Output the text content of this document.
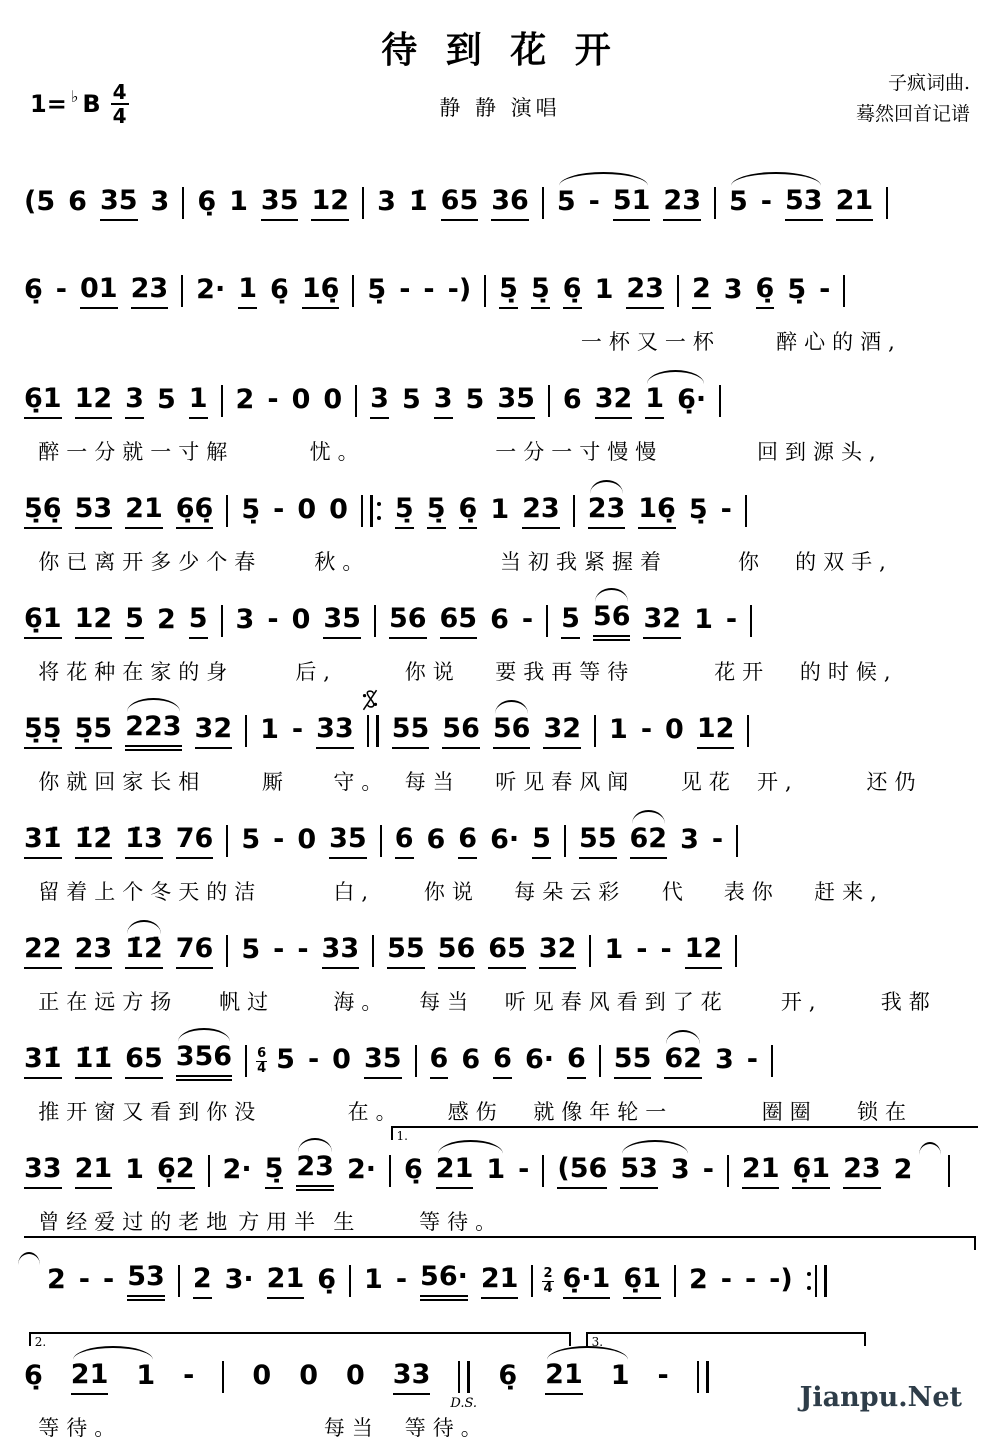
待 到 花 开
静 静 演唱
1= ♭ B $\frac{4}{4}$	子疯词曲.
蓦然回首记谱
(5 6 35 3 6̣ 1 35 12 3 1̇ 65 36 5 - 51 23 5 - 53 21
6̣ - 01 23 2· 1 6̣ 16̣ 5̣ - - -) 5̣ 5̣ 6̣ 1 23 2 3 6̣ 5̣ -
一杯又一杯	醉心的酒,
6̣1 12 3 5 1 2 - 0 0 3 5 3 5 35 6 32 1 6̣·
醉一分就一寸解	忧。	一分一寸慢慢	回到源头,
5̣6̣ 53 21 6̣6̣ 5̣ - 0 0 5̣ 5̣ 6̣ 1 23 23 16̣ 5̣ -
你已离开多少个春 秋。	当初我紧握着	你 的双手,
6̣1 12 5 2 5 3 - 0 35 56 65 6 - 5 56 32 1 -
将花种在家的身	后,	你说 要我再等待	花开 的时候,
5̣5̣ 5̣5 223 32 1 - 33 55 56 56 32 1 - 0 12
你就回家长相	厮 守。 每当 听见春风闻 见花 开,	还仍
31̇ 1̇2̇ 1̇3 76 5 - 0 35 6 6 6 6· 5 55 62 3 -
留着上个冬天的洁	白, 你说 每朵云彩 代 表你 赶来,
22 23 1̇2̇ 76 5 - - 33 55 56 65 32 1 - - 12
正在远方扬 帆过	海。 每当 听见春风看到了花 开,	我都
31̇ 1̇1̇ 65 356 6
4 5 - 0 35 6 6 6 6· 6 55 62 3 -
推开窗又看到你没	在。 感伤 就像年轮一	圈圈 锁在
1.
33 21 1 6̣2 2· 5̣ 23 2· 6̣ 21 1 - (56 53 3 - 21 6̣1 23 2
曾经爱过的老地 方用半 生	等待。
2 - - 53 2 3· 21 6̣ 1 - 56· 21 2
4 6̣·1 6̣1 2 - - -)
2.	3.
6̣ 21 1 - 0 0 0 33
D.S.
6̣ 21 1 -
等待。	每当 等待。
Jianpu.Net
